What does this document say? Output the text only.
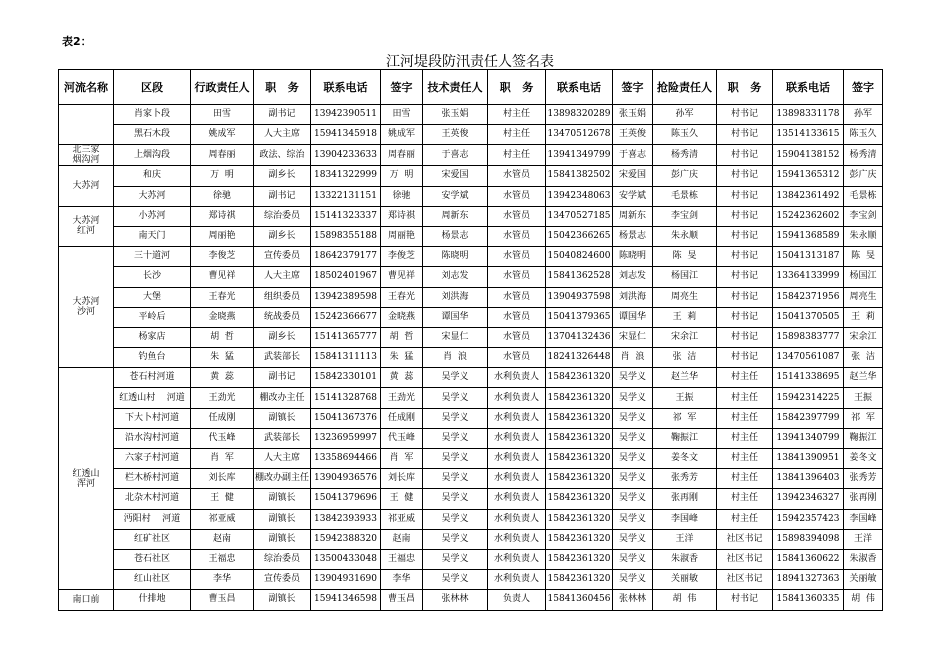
表2：
江河堤段防汛责任人签名表
河流名称	区段	行政责任人	职   务	联系电话	签字	技术责任人	职   务	联系电话	签字	抢险责任人	职   务	联系电话	签字
	肖家卜段	田雪	副书记	13942390511	田雪	张玉娟	村主任	13898320289	张玉娟	孙军	村书记	13898331178	孙军
	黑石木段	姚成军	人大主席	15941345918	姚成军	王英俊	村主任	13470512678	王英俊	陈玉久	村书记	13514133615	陈玉久

北三家
烟沟河	上烟沟段	周春丽	政法、综治	13904233633	周春丽	于喜志	村主任	13941349799	于喜志	杨秀清	村书记	15904138152	杨秀清

大苏河	和庆	万  明	副乡长	18341322999	万  明	宋爱国	水管员	15841382502	宋爱国	彭广庆	村书记	15941365312	彭广庆
	大苏河	徐驰	副书记	13322131151	徐驰	安学斌	水管员	13942348063	安学斌	毛景栋	村书记	13842361492	毛景栋

大苏河
红河	小苏河	郑诗祺	综治委员	15141323337	郑诗祺	周新东	水管员	13470527185	周新东	李宝剑	村书记	15242362602	李宝剑
	南天门	周丽艳	副乡长	15898355188	周丽艳	杨景志	水管员	15042366265	杨景志	朱永顺	村书记	15941368589	朱永顺

大苏河
沙河	三十道河	李俊芝	宣传委员	18642379177	李俊芝	陈晓明	水管员	15040824600	陈晓明	陈  旻	村书记	15041313187	陈  旻
	长沙	曹见祥	人大主席	18502401967	曹见祥	刘志发	水管员	15841362528	刘志发	杨国江	村书记	13364133999	杨国江
	大堡	王春光	组织委员	13942389598	王春光	刘洪海	水管员	13904937598	刘洪海	周亮生	村书记	15842371956	周亮生
	平岭后	金晓燕	统战委员	15242366677	金晓燕	谭国华	水管员	15041379365	谭国华	王  莉	村书记	15041370505	王  莉
	杨家店	胡  哲	副乡长	15141365777	胡  哲	宋显仁	水管员	13704132436	宋显仁	宋余江	村书记	15898383777	宋余江
	钓鱼台	朱  猛	武装部长	15841311113	朱  猛	肖  浪	水管员	18241326448	肖  浪	张  洁	村书记	13470561087	张  洁

红透山
浑河	苍石村河道	黄  蕊	副书记	15842330101	黄  蕊	吴学义	水利负责人	15842361320	吴学义	赵兰华	村主任	15141338695	赵兰华
	红透山村    河道	王劲光	棚改办主任	15141328768	王劲光	吴学义	水利负责人	15842361320	吴学义	王振	村主任	15942314225	王振
	下大卜村河道	任成刚	副镇长	15041367376	任成刚	吴学义	水利负责人	15842361320	吴学义	祁  军	村主任	15842397799	祁  军
	沿水沟村河道	代玉峰	武装部长	13236959997	代玉峰	吴学义	水利负责人	15842361320	吴学义	鞠振江	村主任	13941340799	鞠振江
	六家子村河道	肖  军	人大主席	13358694466	肖  军	吴学义	水利负责人	15842361320	吴学义	姜冬文	村主任	13841390951	姜冬文
	栏木桥村河道	刘长库	棚改办副主任	13904936576	刘长库	吴学义	水利负责人	15842361320	吴学义	张秀芳	村主任	13841396403	张秀芳
	北杂木村河道	王  健	副镇长	15041379696	王  健	吴学义	水利负责人	15842361320	吴学义	张再刚	村主任	13942346327	张再刚
	沔阳村    河道	祁亚威	副镇长	13842393933	祁亚威	吴学义	水利负责人	15842361320	吴学义	李国峰	村主任	15942357423	李国峰
	红矿社区	赵南	副镇长	15942388320	赵南	吴学义	水利负责人	15842361320	吴学义	王洋	社区书记	15898394098	王洋
	苍石社区	王福忠	综治委员	13500433048	王福忠	吴学义	水利负责人	15842361320	吴学义	朱淑香	社区书记	15841360622	朱淑香
	红山社区	李华	宣传委员	13904931690	李华	吴学义	水利负责人	15842361320	吴学义	关丽敏	社区书记	18941327363	关丽敏

南口前	什排地	曹玉昌	副镇长	15941346598	曹玉昌	张林林	负责人	15841360456	张林林	胡  伟	村书记	15841360335	胡  伟
